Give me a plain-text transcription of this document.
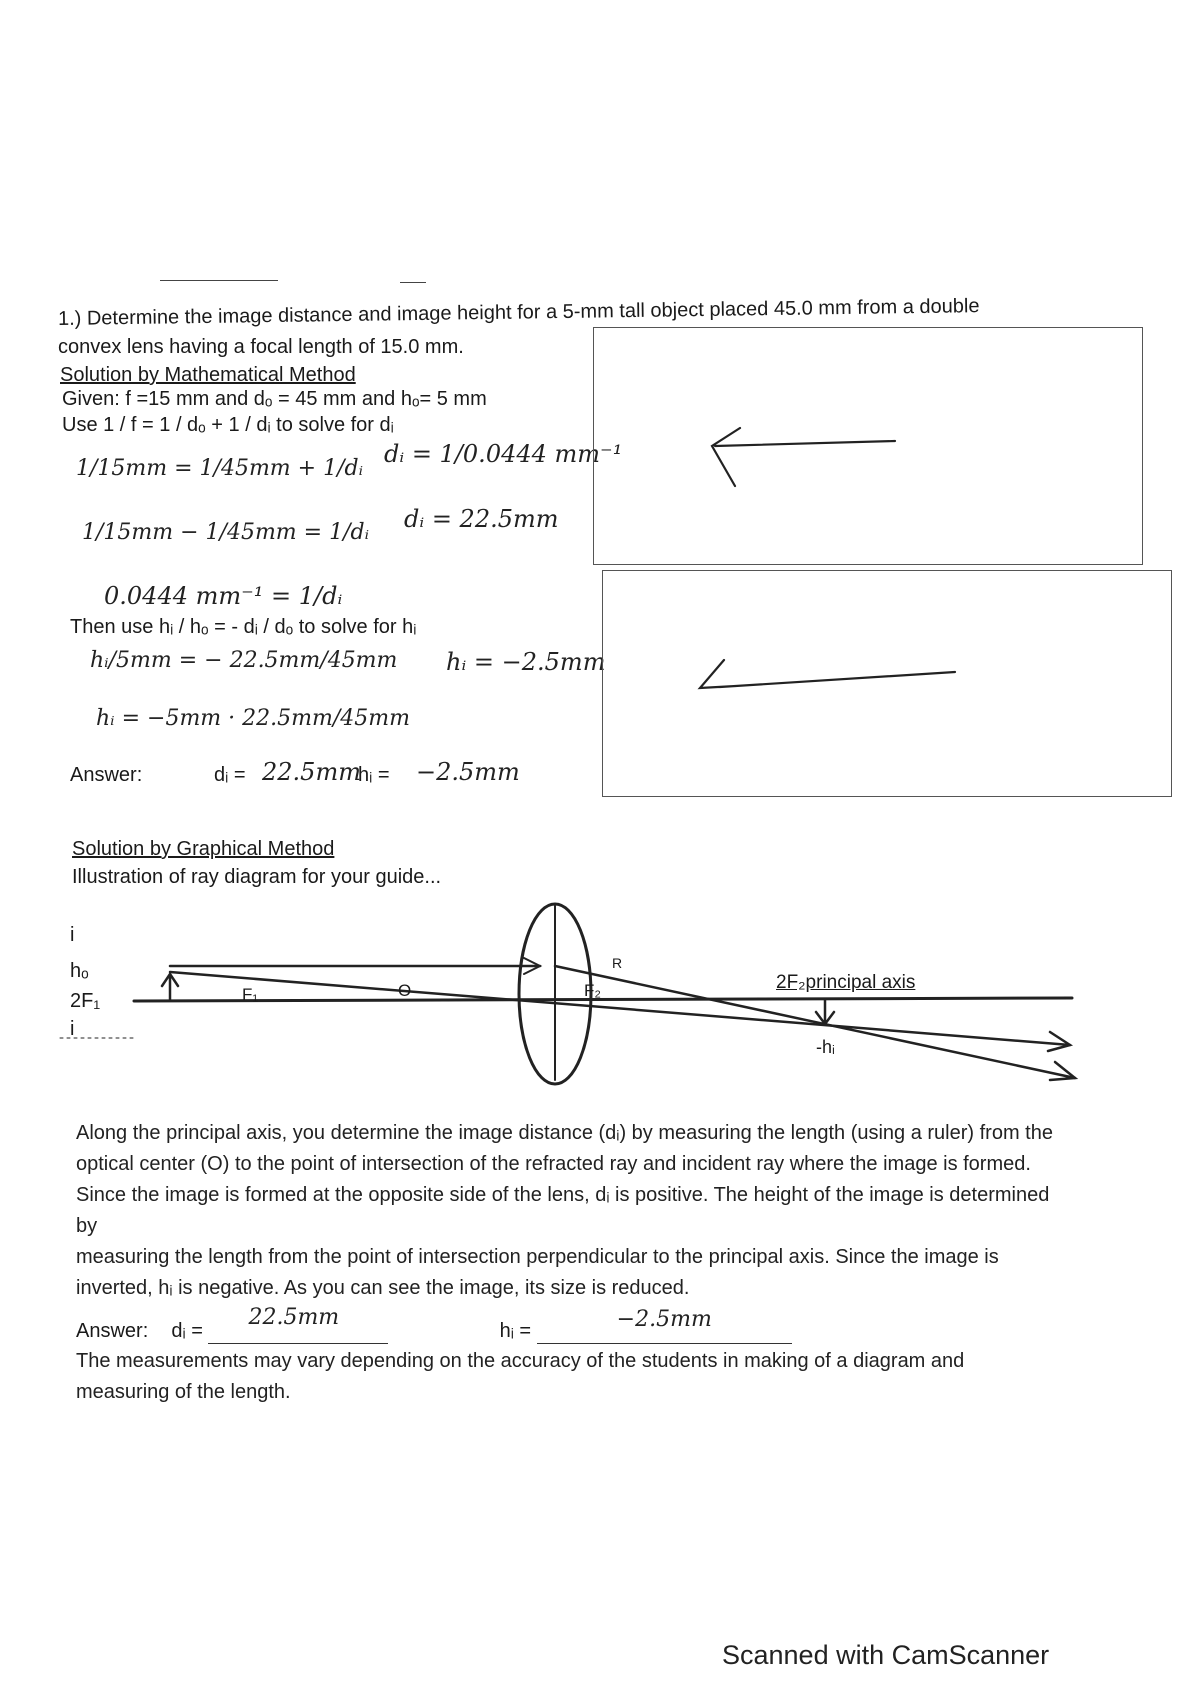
1.) Determine the image distance and image height for a 5-mm tall object placed 45.0 mm from a double
convex lens having a focal length of 15.0 mm.
Solution by Mathematical Method
Given: f =15 mm and dₒ = 45 mm and hₒ= 5 mm
Use 1 / f = 1 / dₒ + 1 / dᵢ to solve for dᵢ
1/15mm = 1/45mm + 1/dᵢ
1/15mm − 1/45mm = 1/dᵢ
0.0444 mm⁻¹ = 1/dᵢ
dᵢ = 1/0.0444 mm⁻¹
dᵢ = 22.5mm
Then use hᵢ / hₒ = - dᵢ / dₒ to solve for hᵢ
hᵢ/5mm = − 22.5mm/45mm
hᵢ = −5mm · 22.5mm/45mm
hᵢ = −2.5mm
Answer:	dᵢ = 22.5mm
hᵢ = −2.5mm
Solution by Graphical Method
Illustration of ray diagram for your guide...
i
hₒ
2F₁
i
F₁	O
R
F₂	2F₂principal axis
-hᵢ
Along the principal axis, you determine the image distance (dᵢ) by measuring the length (using a ruler) from the
optical center (O) to the point of intersection of the refracted ray and incident ray where the image is formed.
Since the image is formed at the opposite side of the lens, dᵢ is positive. The height of the image is determined
by
measuring the length from the point of intersection perpendicular to the principal axis. Since the image is
inverted, hᵢ is negative. As you can see the image, its size is reduced.
Answer: dᵢ =
22.5mm
hᵢ =	−2.5mm
The measurements may vary depending on the accuracy of the students in making of a diagram and
measuring of the length.
Scanned with CamScanner
